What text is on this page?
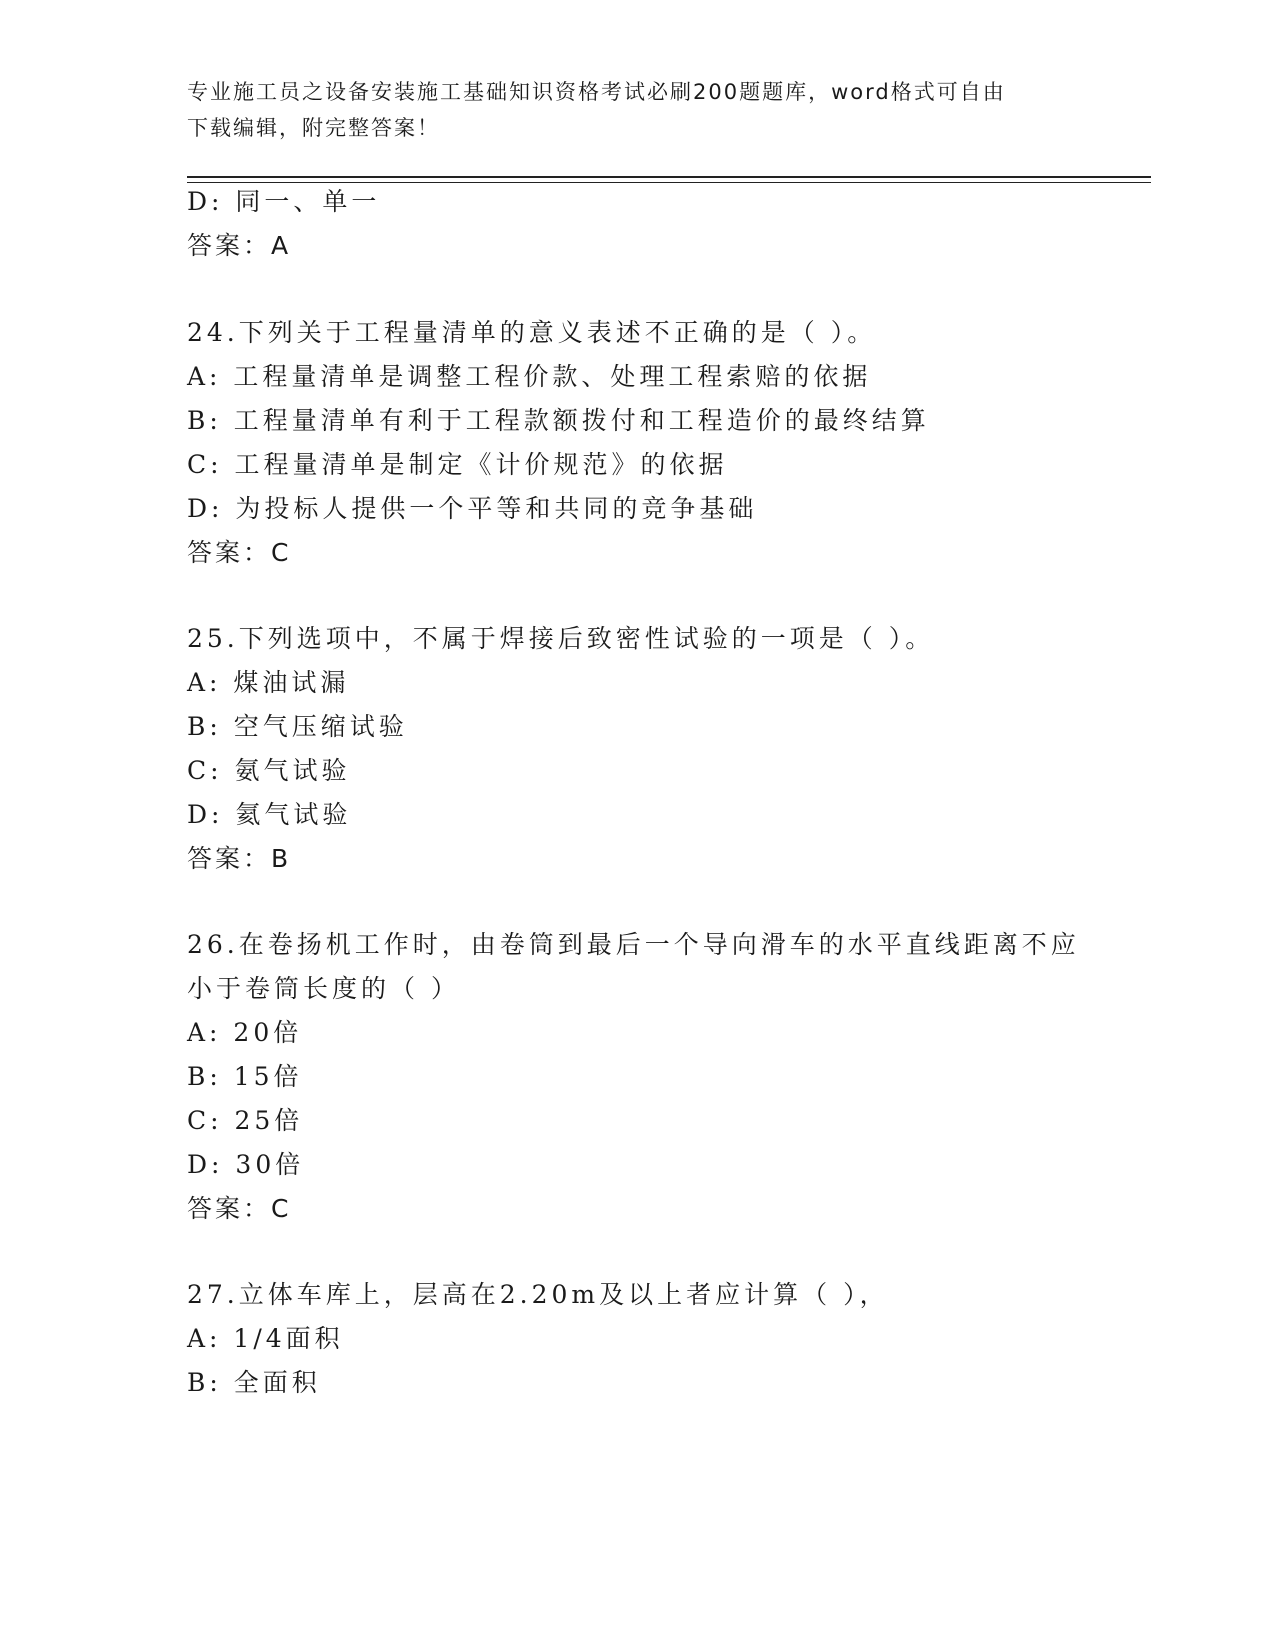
专业施工员之设备安装施工基础知识资格考试必刷200题题库，word格式可自由
下载编辑，附完整答案！
D: 同一、单一
答案：A
24.下列关于工程量清单的意义表述不正确的是（ ）。
A: 工程量清单是调整工程价款、处理工程索赔的依据
B: 工程量清单有利于工程款额拨付和工程造价的最终结算
C: 工程量清单是制定《计价规范》的依据
D: 为投标人提供一个平等和共同的竞争基础
答案：C
25.下列选项中，不属于焊接后致密性试验的一项是（ ）。
A: 煤油试漏
B: 空气压缩试验
C: 氨气试验
D: 氦气试验
答案：B
26.在卷扬机工作时，由卷筒到最后一个导向滑车的水平直线距离不应
小于卷筒长度的（ ）
A: 20倍
B: 15倍
C: 25倍
D: 30倍
答案：C
27.立体车库上，层高在2.20m及以上者应计算（ ），
A: 1/4面积
B: 全面积
